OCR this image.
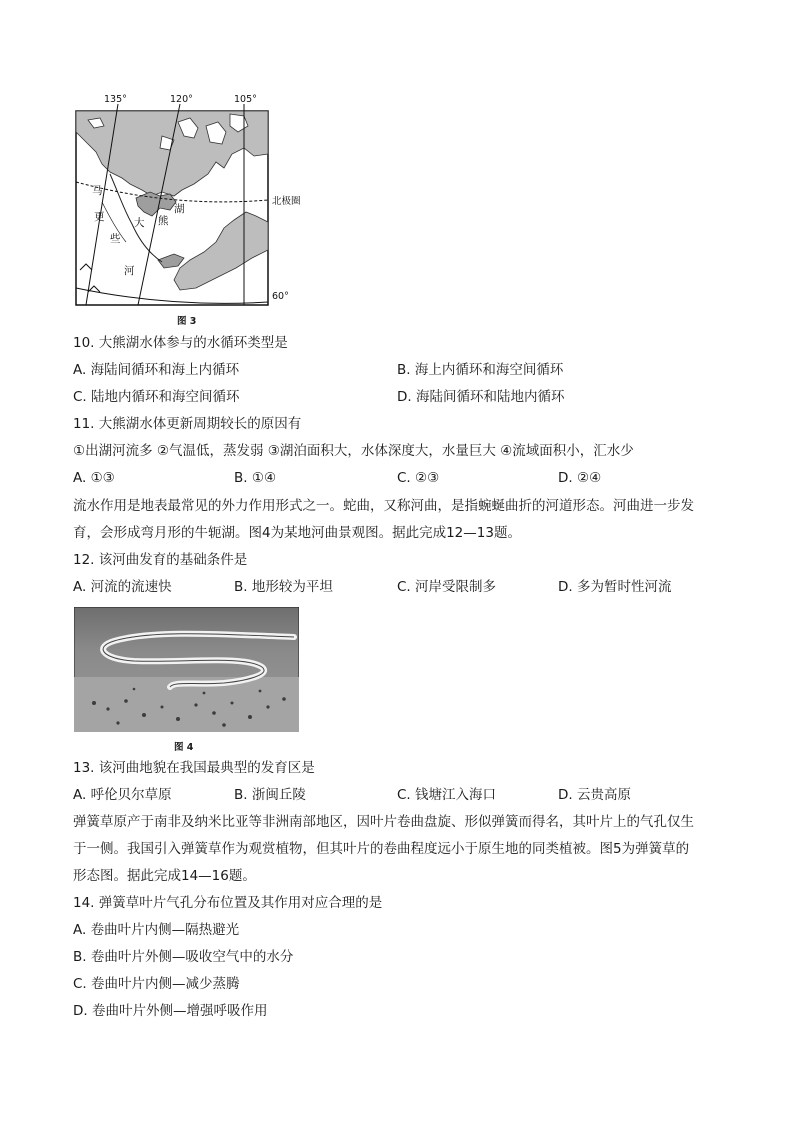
135°	120°	105°
北极圈
60°
马
更
些
河
大 熊
湖
图 3
10. 大熊湖水体参与的水循环类型是
A. 海陆间循环和海上内循环	B. 海上内循环和海空间循环
C. 陆地内循环和海空间循环	D. 海陆间循环和陆地内循环
11. 大熊湖水体更新周期较长的原因有
①出湖河流多 ②气温低，蒸发弱 ③湖泊面积大，水体深度大，水量巨大 ④流域面积小，汇水少
A. ①③	B. ①④	C. ②③	D. ②④
流水作用是地表最常见的外力作用形式之一。蛇曲，又称河曲，是指蜿蜒曲折的河道形态。河曲进一步发
育，会形成弯月形的牛轭湖。图4为某地河曲景观图。据此完成12—13题。
12. 该河曲发育的基础条件是
A. 河流的流速快	B. 地形较为平坦	C. 河岸受限制多	D. 多为暂时性河流
图 4
13. 该河曲地貌在我国最典型的发育区是
A. 呼伦贝尔草原	B. 浙闽丘陵	C. 钱塘江入海口	D. 云贵高原
弹簧草原产于南非及纳米比亚等非洲南部地区，因叶片卷曲盘旋、形似弹簧而得名，其叶片上的气孔仅生
于一侧。我国引入弹簧草作为观赏植物，但其叶片的卷曲程度远小于原生地的同类植被。图5为弹簧草的
形态图。据此完成14—16题。
14. 弹簧草叶片气孔分布位置及其作用对应合理的是
A. 卷曲叶片内侧—隔热避光
B. 卷曲叶片外侧—吸收空气中的水分
C. 卷曲叶片内侧—减少蒸腾
D. 卷曲叶片外侧—增强呼吸作用
